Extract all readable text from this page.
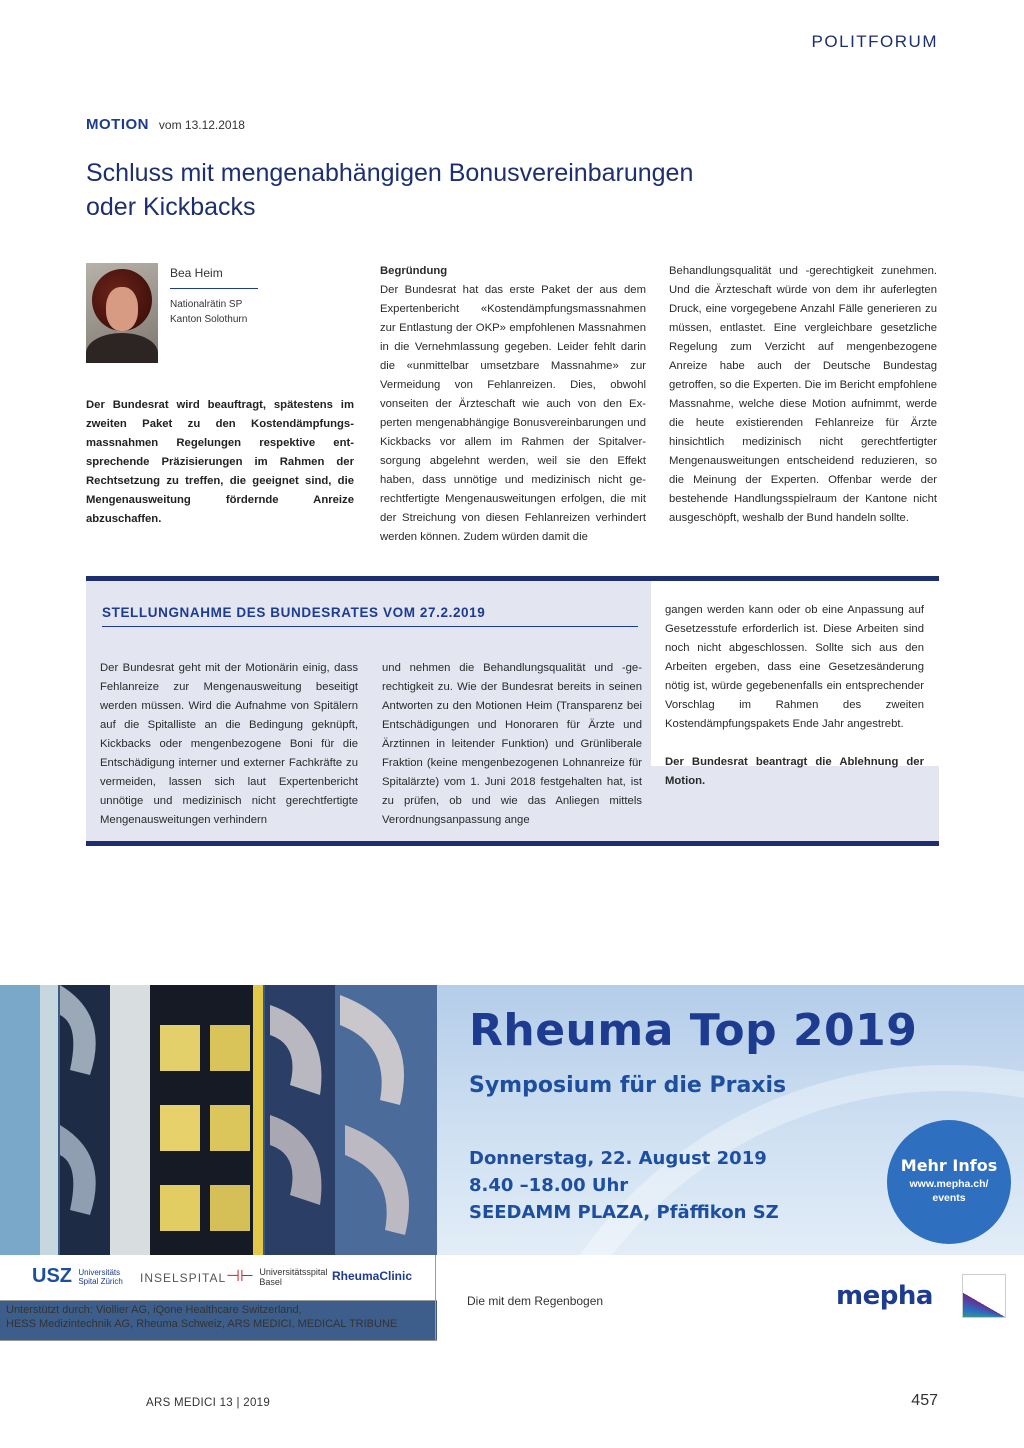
POLITFORUM
MOTION vom 13.12.2018
Schluss mit mengenabhängigen Bonusvereinbarungen
oder Kickbacks
Bea Heim
Nationalrätin SP
Kanton Solothurn

Der Bundesrat wird beauftragt, spätestens im zweiten Paket zu den Kostendämpfungsmassnahmen Regelungen respektive entsprechende Präzisierungen im Rahmen der Rechtsetzung zu treffen, die geeignet sind, die Mengenausweitung fördernde Anreize abzuschaffen.

Begründung
Der Bundesrat hat das erste Paket der aus dem Expertenbericht «Kostendämpfungsmassnahmen zur Entlastung der OKP» empfohlenen Massnahmen in die Vernehmlassung gegeben. Leider fehlt darin die «unmittelbar umsetzbare Massnahme» zur Vermeidung von Fehlanreizen. Dies, obwohl vonseiten der Ärzteschaft wie auch von den Experten mengenabhängige Bonusvereinbarungen und Kickbacks vor allem im Rahmen der Spitalversorgung abgelehnt werden, weil sie den Effekt haben, dass unnötige und medizinisch nicht gerechtfertigte Mengenausweitungen erfolgen, die mit der Streichung von diesen Fehlanreizen verhindert werden können. Zudem würden damit die
Behandlungsqualität und -gerechtigkeit zunehmen. Und die Ärzteschaft würde von dem ihr auferlegten Druck, eine vorgegebene Anzahl Fälle generieren zu müssen, entlastet. Eine vergleichbare gesetzliche Regelung zum Verzicht auf mengenbezogene Anreize habe auch der Deutsche Bundestag getroffen, so die Experten. Die im Bericht empfohlene Massnahme, welche diese Motion aufnimmt, werde die heute existierenden Fehlanreize für Ärzte hinsichtlich medizinisch nicht gerechtfertigter Mengenausweitungen entscheidend reduzieren, so die Meinung der Experten. Offenbar werde der bestehende Handlungsspielraum der Kantone nicht ausgeschöpft, weshalb der Bund handeln sollte.
STELLUNGNAHME DES BUNDESRATES VOM 27.2.2019
Der Bundesrat geht mit der Motionärin einig, dass Fehlanreize zur Mengenausweitung beseitigt werden müssen. Wird die Aufnahme von Spitälern auf die Spitalliste an die Bedingung geknüpft, Kickbacks oder mengenbezogene Boni für die Entschädigung interner und externer Fachkräfte zu vermeiden, lassen sich laut Expertenbericht unnötige und medizinisch nicht gerechtfertigte Mengenausweitungen verhindern
und nehmen die Behandlungsqualität und -gerechtigkeit zu. Wie der Bundesrat bereits in seinen Antworten zu den Motionen Heim (Transparenz bei Entschädigungen und Honoraren für Ärzte und Ärztinnen in leitender Funktion) und Grünliberale Fraktion (keine mengenbezogenen Lohnanreize für Spitalärzte) vom 1. Juni 2018 festgehalten hat, ist zu prüfen, ob und wie das Anliegen mittels Verordnungsanpassung ange
gangen werden kann oder ob eine Anpassung auf Gesetzesstufe erforderlich ist. Diese Arbeiten sind noch nicht abgeschlossen. Sollte sich aus den Arbeiten ergeben, dass eine Gesetzesänderung nötig ist, würde gegebenenfalls ein entsprechender Vorschlag im Rahmen des zweiten Kostendämpfungspakets Ende Jahr angestrebt.
Der Bundesrat beantragt die Ablehnung der Motion.
Rheuma Top 2019
Symposium für die Praxis
Donnerstag, 22. August 2019
8.40 –18.00 Uhr
SEEDAMM PLAZA, Pfäffikon SZ
Mehr Infos
www.mepha.ch/
events
USZ Universitäts
Spital Zürich INSELSPITAL ⊣⊢ Universitätsspital
Basel	RheumaClinic
Unterstützt durch: Viollier AG, iQone Healthcare Switzerland,
HESS Medizintechnik AG, Rheuma Schweiz, ARS MEDICI, MEDICAL TRIBUNE
Die mit dem Regenbogen	mepha
ARS MEDICI 13 | 2019	457
